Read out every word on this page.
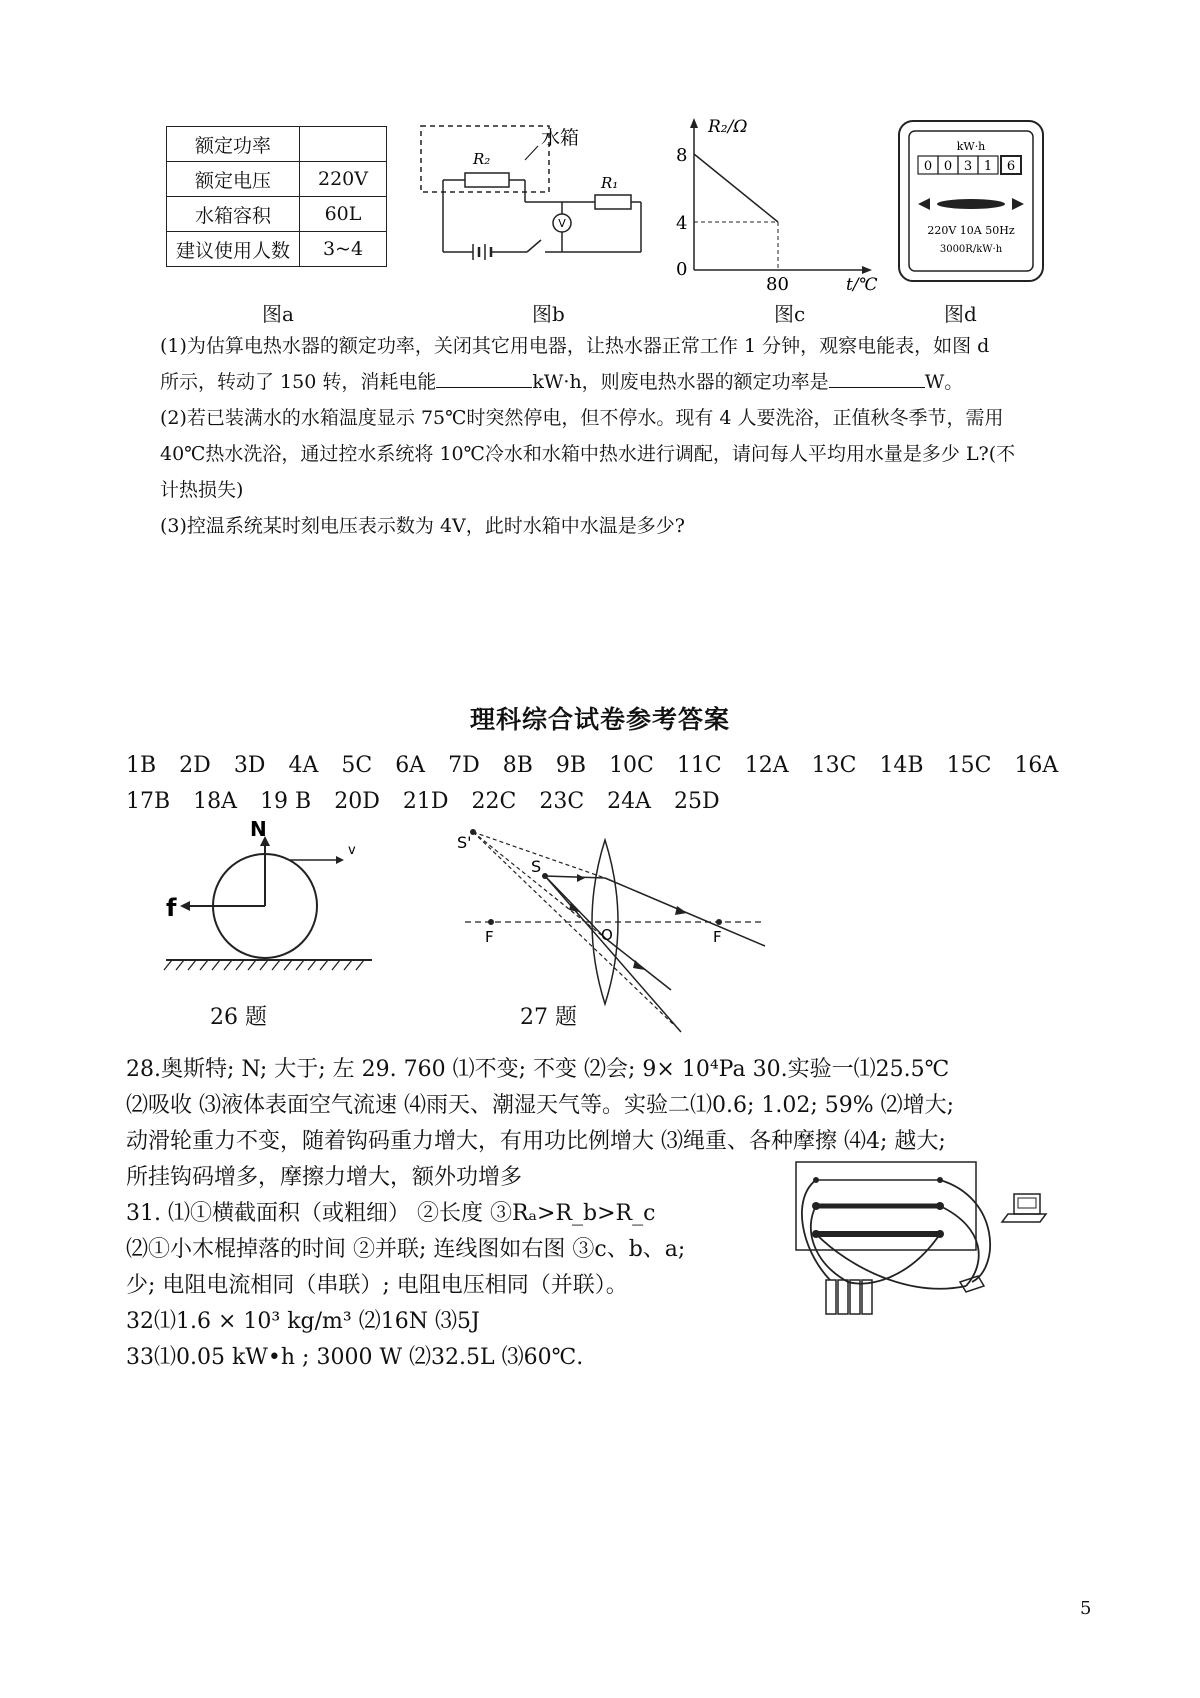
额定功率	
额定电压	220V
水箱容积	60L
建议使用人数	3~4
图a
V
水箱
R₂
R₁
图b
8
4
0
80
R₂/Ω
t/℃
图c
kW·h
0 0 3 1 6
220V 10A 50Hz
3000R/kW·h
图d
(1)为估算电热水器的额定功率，关闭其它用电器，让热水器正常工作 1 分钟，观察电能表，如图 d
所示，转动了 150 转，消耗电能	kW·h，则废电热水器的额定功率是	W。
(2)若已装满水的水箱温度显示 75℃时突然停电，但不停水。现有 4 人要洗浴，正值秋冬季节，需用
40℃热水洗浴，通过控水系统将 10℃冷水和水箱中热水进行调配，请问每人平均用水量是多少 L?(不
计热损失)
(3)控温系统某时刻电压表示数为 4V，此时水箱中水温是多少?
理科综合试卷参考答案
1B 2D 3D 4A 5C 6A 7D 8B 9B 10C 11C 12A 13C 14B 15C 16A
17B 18A 19 B 20D 21D 22C 23C 24A 25D
N
f
v
26 题
S'
S
F	O	F
27 题
28.奥斯特; N; 大于; 左 29. 760 ⑴不变; 不变 ⑵会; 9× 10⁴Pa 30.实验一⑴25.5℃
⑵吸收 ⑶液体表面空气流速 ⑷雨天、潮湿天气等。实验二⑴0.6; 1.02; 59% ⑵增大;
动滑轮重力不变，随着钩码重力增大，有用功比例增大 ⑶绳重、各种摩擦 ⑷4; 越大;
所挂钩码增多，摩擦力增大，额外功增多
31. ⑴①横截面积（或粗细） ②长度 ③Rₐ>R_b>R_c
⑵①小木棍掉落的时间 ②并联; 连线图如右图 ③c、b、a;
少; 电阻电流相同（串联）; 电阻电压相同（并联）。
32⑴1.6 × 10³ kg/m³ ⑵16N ⑶5J
33⑴0.05 kW•h ; 3000 W ⑵32.5L ⑶60℃.
5
